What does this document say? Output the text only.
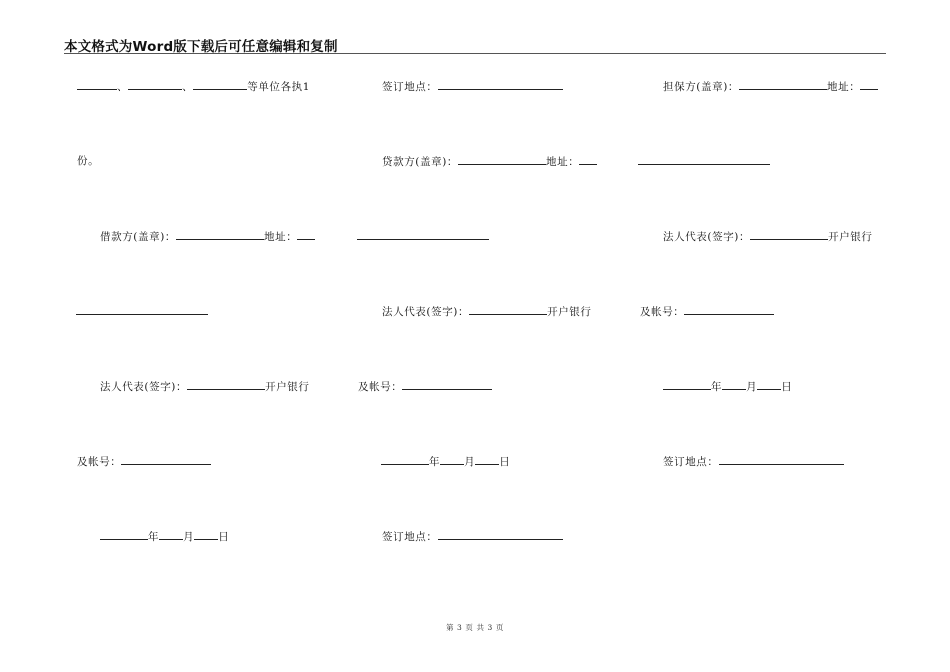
本文格式为Word版下载后可任意编辑和复制
、	、	等单位各执1	签订地点：	担保方(盖章)：	地址：
份。	贷款方(盖章)：	地址：
借款方(盖章)：	地址：	法人代表(签字)：	开户银行
法人代表(签字)：	开户银行	及帐号：
法人代表(签字)：	开户银行	及帐号：	年 月 日
及帐号：	年 月 日	签订地点：
年 月 日	签订地点：
第 3 页 共 3 页
